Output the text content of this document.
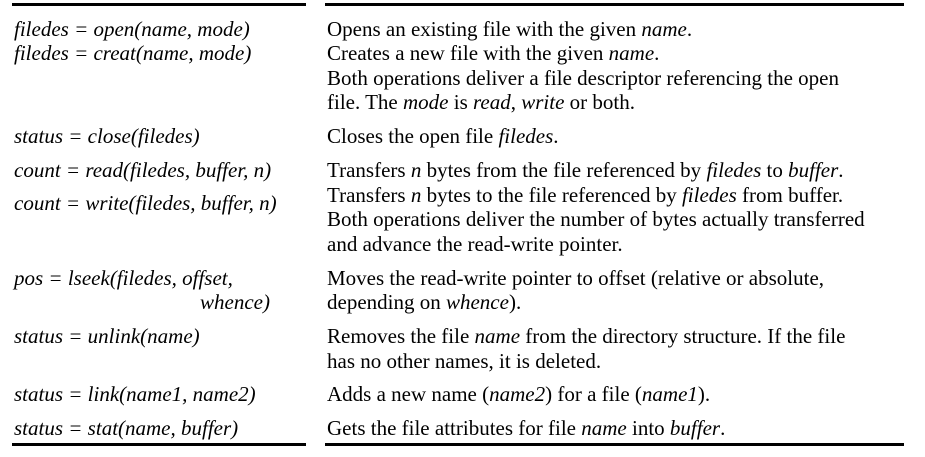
filedes = open(name, mode)
filedes = creat(name, mode)
status = close(filedes)
count = read(filedes, buffer, n)
count = write(filedes, buffer, n)
pos = lseek(filedes, offset,
whence)
status = unlink(name)
status = link(name1, name2)
status = stat(name, buffer)
Opens an existing file with the given name.
Creates a new file with the given name.
Both operations deliver a file descriptor referencing the open
file. The mode is read, write or both.
Closes the open file filedes.
Transfers n bytes from the file referenced by filedes to buffer.
Transfers n bytes to the file referenced by filedes from buffer.
Both operations deliver the number of bytes actually transferred
and advance the read-write pointer.
Moves the read-write pointer to offset (relative or absolute,
depending on whence).
Removes the file name from the directory structure. If the file
has no other names, it is deleted.
Adds a new name (name2) for a file (name1).
Gets the file attributes for file name into buffer.
